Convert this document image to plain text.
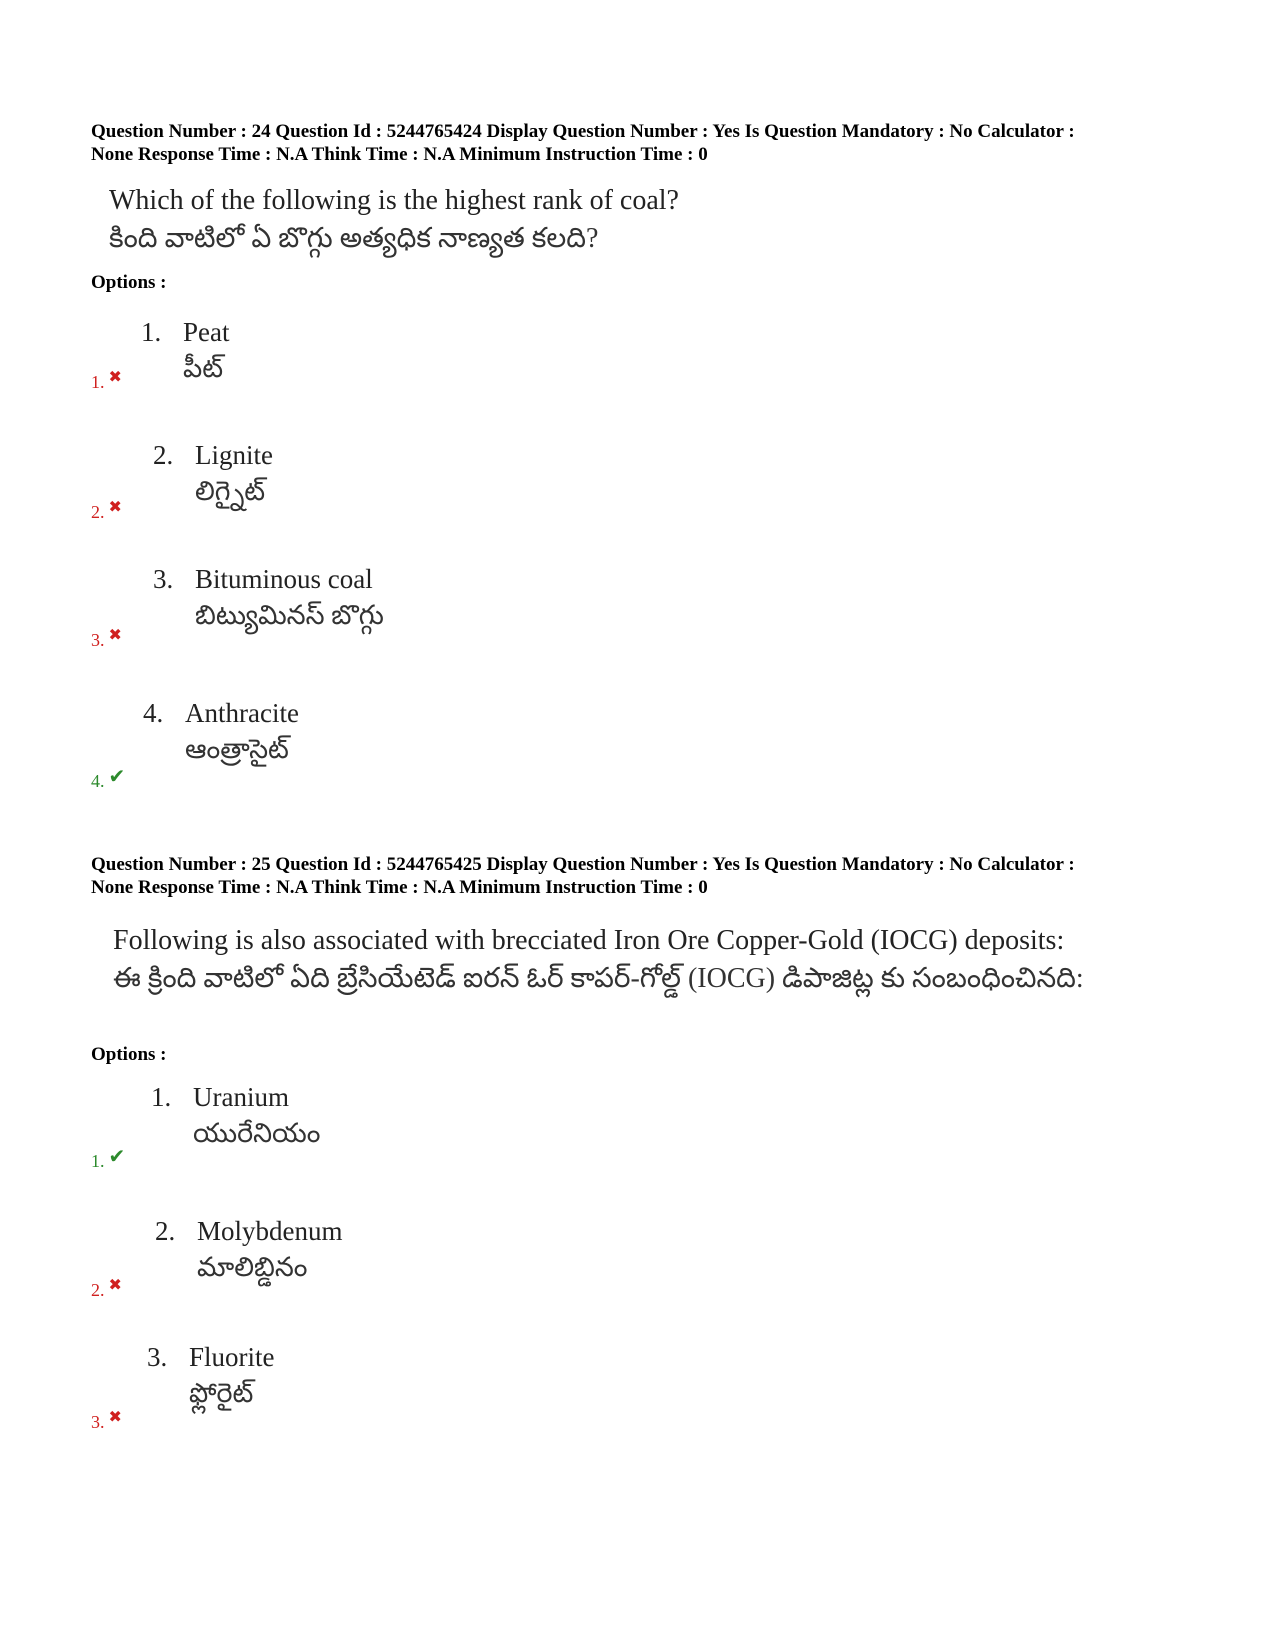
Question Number : 24 Question Id : 5244765424 Display Question Number : Yes Is Question Mandatory : No Calculator :
None Response Time : N.A Think Time : N.A Minimum Instruction Time : 0
Which of the following is the highest rank of coal?
కింది వాటిలో ఏ బొగ్గు అత్యధిక నాణ్యత కలది?
Options :
1. Peat
పీట్
1. ✖
2. Lignite
లిగ్నైట్
2. ✖
3. Bituminous coal
బిట్యుమినస్ బొగ్గు
3. ✖
4. Anthracite
ఆంత్రాసైట్
4. ✔
Question Number : 25 Question Id : 5244765425 Display Question Number : Yes Is Question Mandatory : No Calculator :
None Response Time : N.A Think Time : N.A Minimum Instruction Time : 0
Following is also associated with brecciated Iron Ore Copper-Gold (IOCG) deposits:
ఈ క్రింది వాటిలో ఏది బ్రేసియేటెడ్ ఐరన్ ఓర్ కాపర్-గోల్డ్ (IOCG) డిపాజిట్ల కు సంబంధించినది:
Options :
1. Uranium
యురేనియం
1. ✔
2. Molybdenum
మాలిబ్డినం
2. ✖
3. Fluorite
ఫ్లోరైట్
3. ✖
